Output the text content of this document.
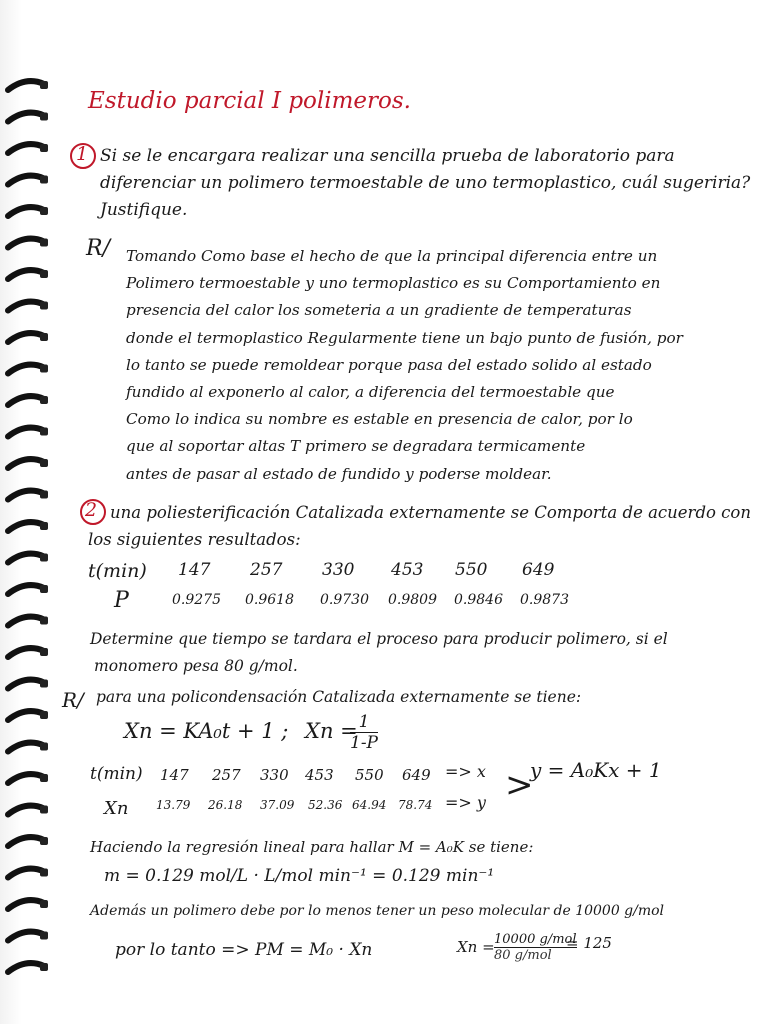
Estudio parcial I polimeros.
1 Si se le encargara realizar una sencilla prueba de laboratorio para
diferenciar un polimero termoestable de uno termoplastico, cuál sugeriria?
Justifique.
R/ Tomando Como base el hecho de que la principal diferencia entre un
Polimero termoestable y uno termoplastico es su Comportamiento en
presencia del calor los someteria a un gradiente de temperaturas
donde el termoplastico Regularmente tiene un bajo punto de fusión, por
lo tanto se puede remoldear porque pasa del estado solido al estado
fundido al exponerlo al calor, a diferencia del termoestable que
Como lo indica su nombre es estable en presencia de calor, por lo
que al soportar altas T primero se degradara termicamente
antes de pasar al estado de fundido y poderse moldear.
2 una poliesterificación Catalizada externamente se Comporta de acuerdo con
los siguientes resultados:
t(min)
P
147 257 330 453 550 649
0.9275 0.9618 0.9730 0.9809 0.9846 0.9873
Determine que tiempo se tardara el proceso para producir polimero, si el
monomero pesa 80 g/mol.
R/ para una policondensación Catalizada externamente se tiene:
Xn = KA₀t + 1 ; Xn =
$\frac{1}{1-P}$
t(min) 147 257 330 453 550 649 => x
Xn 13.79 26.18 37.09 52.36 64.94 78.74 => y >
y = A₀Kx + 1
Haciendo la regresión lineal para hallar M = A₀K se tiene:
m = 0.129 mol/L · L/mol min⁻¹ = 0.129 min⁻¹
Además un polimero debe por lo menos tener un peso molecular de 10000 g/mol
por lo tanto => PM = M₀ · Xn	Xn = 10000 g/mol
80 g/mol
= 125
